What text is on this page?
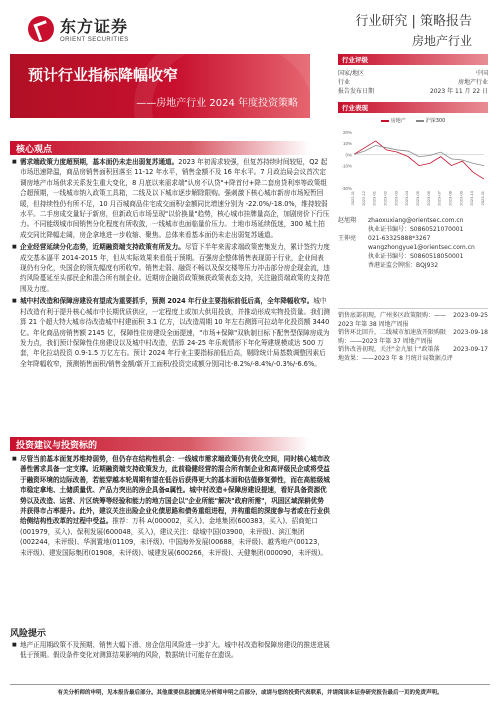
东方证券
ORIENT SECURITIES
行业研究 | 策略报告
房地产行业
预计行业指标降幅收窄
——房地产行业 2024 年度投资策略
核心观点

■ 需求端政策力度超预期，基本面仍未走出弱复苏通道。2023 年初需求较强，但复苏持续时间较短，Q2 起市场迅速降温，商品房销售面积回落至 11-12 年水平，销售金额不及 16 年水平。7 月政治局会议首次定调房地产市场供求关系发生重大变化，8 月底以来需求端"认房不认贷"+降首付+降二套房贷利率等政策组合超预期，一线城市纳入政策工具箱，二线及以下城市逐步解除限购。强刺激下核心城市新房市场短暂回暖，但持续性仍有所不足，10 月百城商品住宅成交面积/金额同比增速分别为 -22.0%/-18.0%，维持较弱水平。二手房成交量好于新房，但新政后市场呈现"以价换量"趋势，核心城市挂牌量高企，加剧房价下行压力。不同能级城市间销售分化程度有所收敛，一线城市也面临量价压力。土地市场延续低迷，300 城土拍成交同比降幅走阔，房企拿地进一步收缩、聚焦。总体来看基本面仍未走出弱复苏通道。

■ 企业经营延续分化态势，近期融资端支持政策有所发力。尽管下半年来需求端政策密集发力，累计签约力度成交基本逼平 2014-2015 年，但从实际效果来看低于预期。百强房企整体销售表现弱于行业，企业间表现仍有分化，央国企的领先幅度有所收窄。销售走弱、融资不畅以及保交楼等压力冲击部分房企现金流，违约风险蔓延至头部民企和混合所有制企业。近期房企融资政策频获政策表态支持，关注融资端政策的支持范围及力度。

■ 城中村改造和保障房建设有望成为重要抓手，预测 2024 年行业主要指标前低后高，全年降幅收窄。城中村改造有利于提升核心城市中长期优质供应，一定程度上或加大供用投放，并推动形成实物投资量。我们测算 21 个超大特大城市待改造城中村建面积 3.1 亿方，以改造周期 10 年左右测算可拉动年化投资额 3440 亿。年化商品房销售额 2145 亿，保障性住房建设全面提速，"市场+保障"双轨制目标下配售型保障房成为发力点，我们预计保障性住房建设以及城中村改造，估算 24-25 年乐观情形下年化筹建规模或达 500 万套，年化拉动投资 0.9-1.5 万亿左右。预计 2024 年行业主要指标前低后高，剔除统计局基数调整因素后全年降幅收窄，预测销售面积/销售金额/新开工面积/投资完成额分别同比-8.2%/-8.4%/-0.3%/-6.6%。

投资建议与投资标的

■ 尽管当前基本面复苏维持弱势，但仍存在结构性机会：一线城市需求端政策仍有优化空间，同时核心城市改善性需求具备一定支撑。近期融资端支持政策发力，此前稳健经营的混合所有制企业和高评级民企或将受益于融资环境的边际改善，若能穿越本轮周期有望在低谷后获得更大的基本面和估值修复弹性，而在高能级城市稳定拿地、土储质量优、产品力突出的房企具备α属性。城中村改造+保障房建设提速，看好具备资源优势以及改造、运营、片区统筹等经验和能力的地方国企以"企业所能"解决"政府所需"，巩固区域深耕优势并获得市占率提升。此外，建议关注出险企业化债思路和债务重组进程，并构重组的深度参与者或在行业供给侧结构性改革的过程中受益。推荐：万科 A(000002，买入)、金地集团(600383，买入)、招商蛇口(001979，买入)、保利发展(600048，买入)，建议关注：绿城中国(03900，未评级)、滨江集团(002244，未评级)、华润置地(01109，未评级)、中国海外发展(00688，未评级)、越秀地产(00123，未评级)、建发国际集团(01908，未评级)、城建发展(600266，未评级)、天健集团(000090，未评级)。

风险提示

■ 地产正用期政策不及预期、销售大幅下滑、房企信用风险进一步扩大。城中村改造和保障房建设的推进进展低于预期。假设条件变化对测算结果影响的风险，数据统计可能存在遗误。

行业评级
国家/地区	中国
行业	房地产行业
报告发布日期	2023 年 11 月 22 日
行业表现
房地产	沪深300
-30%
-10%
0%
10%
20%
2022-11 2022-12 2023-01 2023-02 2023-03 2023-04 2023-05 2023-06 2023-07 2023-08 2023-09 2023-10 2023-11
赵旭翔	zhaoxuxiang@orientsec.com.cn
执业证书编号：S0860521070001
王伸亮	021-63325888*3267
wangzhongyue1@orientsec.com.cn
执业证书编号：S0860518050001
香港证监会牌照：BQJ932
销售底部初现，广州多区政策限购：—— 2023-09-25
2023 年第 38 周地产周报
销售环比回升，二线城市加速放开限购限 2023-09-18
购：——2023 年第 37 周地产周报
销售改善初现，关注"金九银十"政策落 2023-09-17
地效果：——2023 年 8 月统计局数据点评
有关分析师的申明，见本报告最后部分。其他重要信息披露见分析师申明之后部分，或请与您的投资代表联系，并请阅读本证券研究报告最后一页的免责声明。
